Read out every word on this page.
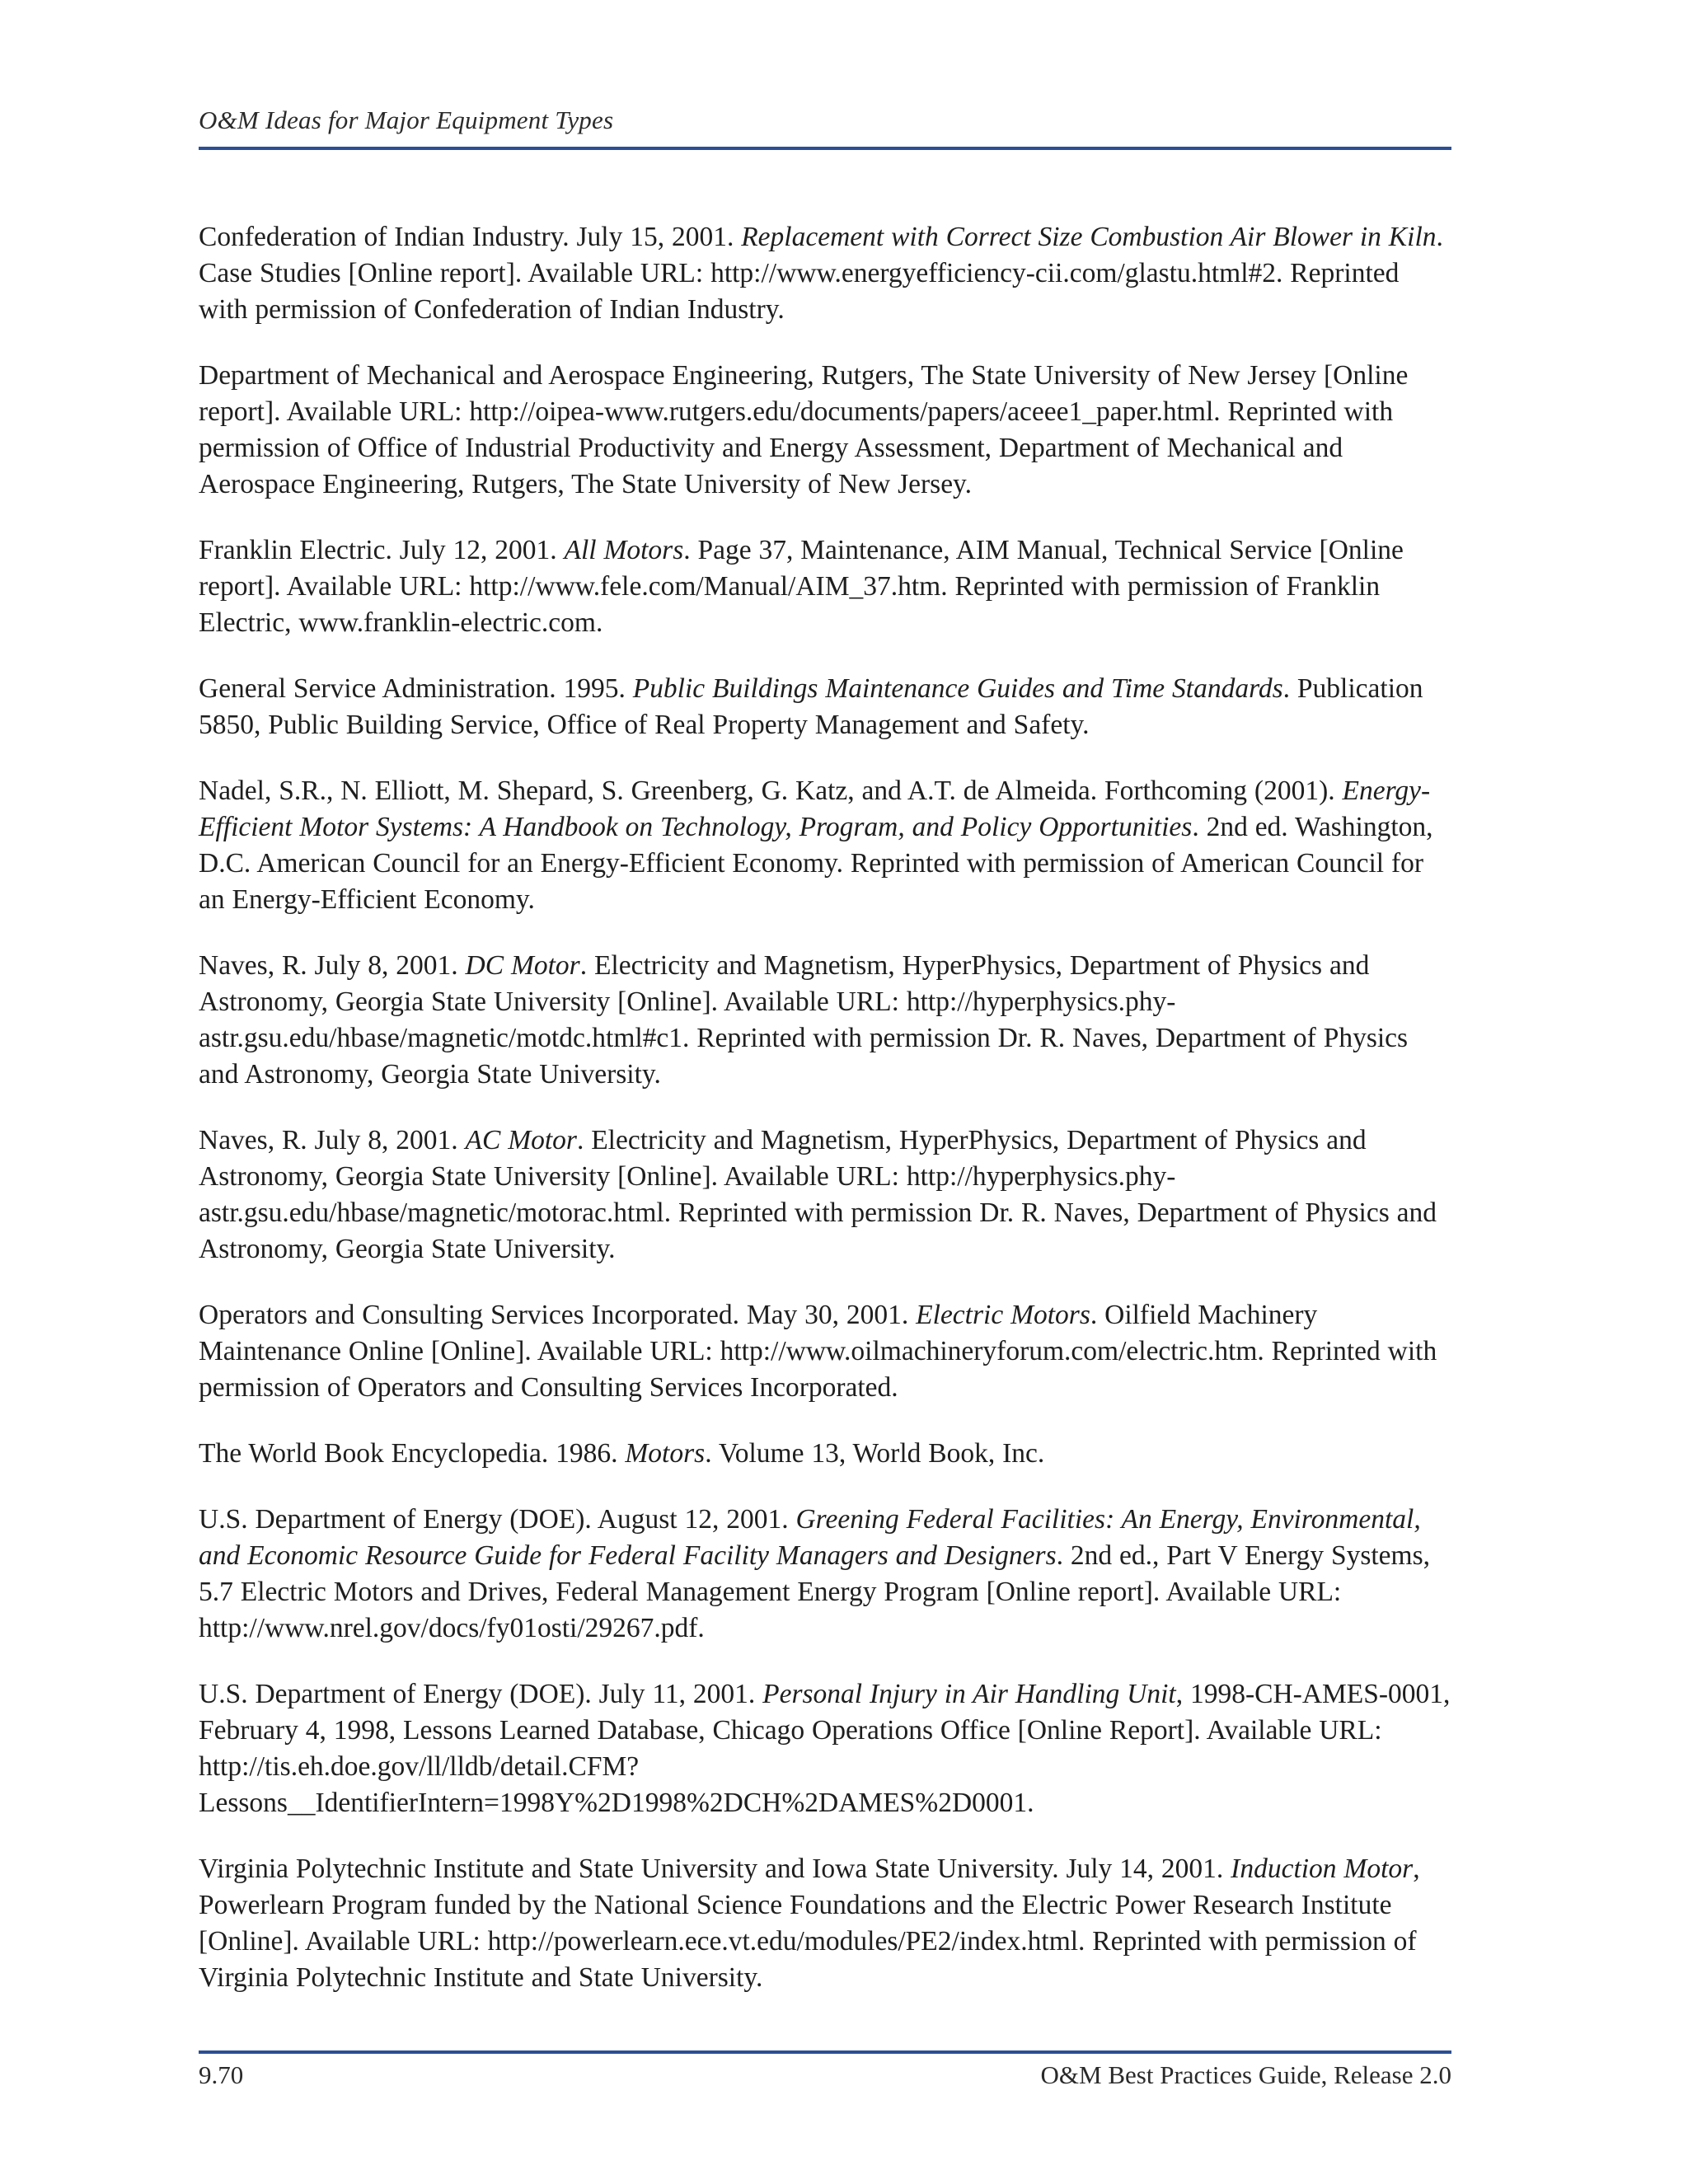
O&M Ideas for Major Equipment Types

Confederation of Indian Industry. July 15, 2001. Replacement with Correct Size Combustion Air Blower in Kiln. Case Studies [Online report]. Available URL: http://www.energyefficiency-cii.com/glastu.html#2. Reprinted with permission of Confederation of Indian Industry.

Department of Mechanical and Aerospace Engineering, Rutgers, The State University of New Jersey [Online report]. Available URL: http://oipea-www.rutgers.edu/documents/papers/aceee1_paper.html. Reprinted with permission of Office of Industrial Productivity and Energy Assessment, Department of Mechanical and Aerospace Engineering, Rutgers, The State University of New Jersey.

Franklin Electric. July 12, 2001. All Motors. Page 37, Maintenance, AIM Manual, Technical Service [Online report]. Available URL: http://www.fele.com/Manual/AIM_37.htm. Reprinted with permission of Franklin Electric, www.franklin-electric.com.

General Service Administration. 1995. Public Buildings Maintenance Guides and Time Standards. Publication 5850, Public Building Service, Office of Real Property Management and Safety.

Nadel, S.R., N. Elliott, M. Shepard, S. Greenberg, G. Katz, and A.T. de Almeida. Forthcoming (2001). Energy-Efficient Motor Systems: A Handbook on Technology, Program, and Policy Opportunities. 2nd ed. Washington, D.C. American Council for an Energy-Efficient Economy. Reprinted with permission of American Council for an Energy-Efficient Economy.

Naves, R. July 8, 2001. DC Motor. Electricity and Magnetism, HyperPhysics, Department of Physics and Astronomy, Georgia State University [Online]. Available URL: http://hyperphysics.phy-astr.gsu.edu/hbase/magnetic/motdc.html#c1. Reprinted with permission Dr. R. Naves, Department of Physics and Astronomy, Georgia State University.

Naves, R. July 8, 2001. AC Motor. Electricity and Magnetism, HyperPhysics, Department of Physics and Astronomy, Georgia State University [Online]. Available URL: http://hyperphysics.phy-astr.gsu.edu/hbase/magnetic/motorac.html. Reprinted with permission Dr. R. Naves, Department of Physics and Astronomy, Georgia State University.

Operators and Consulting Services Incorporated. May 30, 2001. Electric Motors. Oilfield Machinery Maintenance Online [Online]. Available URL: http://www.oilmachineryforum.com/electric.htm. Reprinted with permission of Operators and Consulting Services Incorporated.

The World Book Encyclopedia. 1986. Motors. Volume 13, World Book, Inc.

U.S. Department of Energy (DOE). August 12, 2001. Greening Federal Facilities: An Energy, Environmental, and Economic Resource Guide for Federal Facility Managers and Designers. 2nd ed., Part V Energy Systems, 5.7 Electric Motors and Drives, Federal Management Energy Program [Online report]. Available URL: http://www.nrel.gov/docs/fy01osti/29267.pdf.

U.S. Department of Energy (DOE). July 11, 2001. Personal Injury in Air Handling Unit, 1998-CH-AMES-0001, February 4, 1998, Lessons Learned Database, Chicago Operations Office [Online Report]. Available URL: http://tis.eh.doe.gov/ll/lldb/detail.CFM?Lessons__IdentifierIntern=1998Y%2D1998%2DCH%2DAMES%2D0001.

Virginia Polytechnic Institute and State University and Iowa State University. July 14, 2001. Induction Motor, Powerlearn Program funded by the National Science Foundations and the Electric Power Research Institute [Online]. Available URL: http://powerlearn.ece.vt.edu/modules/PE2/index.html. Reprinted with permission of Virginia Polytechnic Institute and State University.

9.70	O&M Best Practices Guide, Release 2.0
